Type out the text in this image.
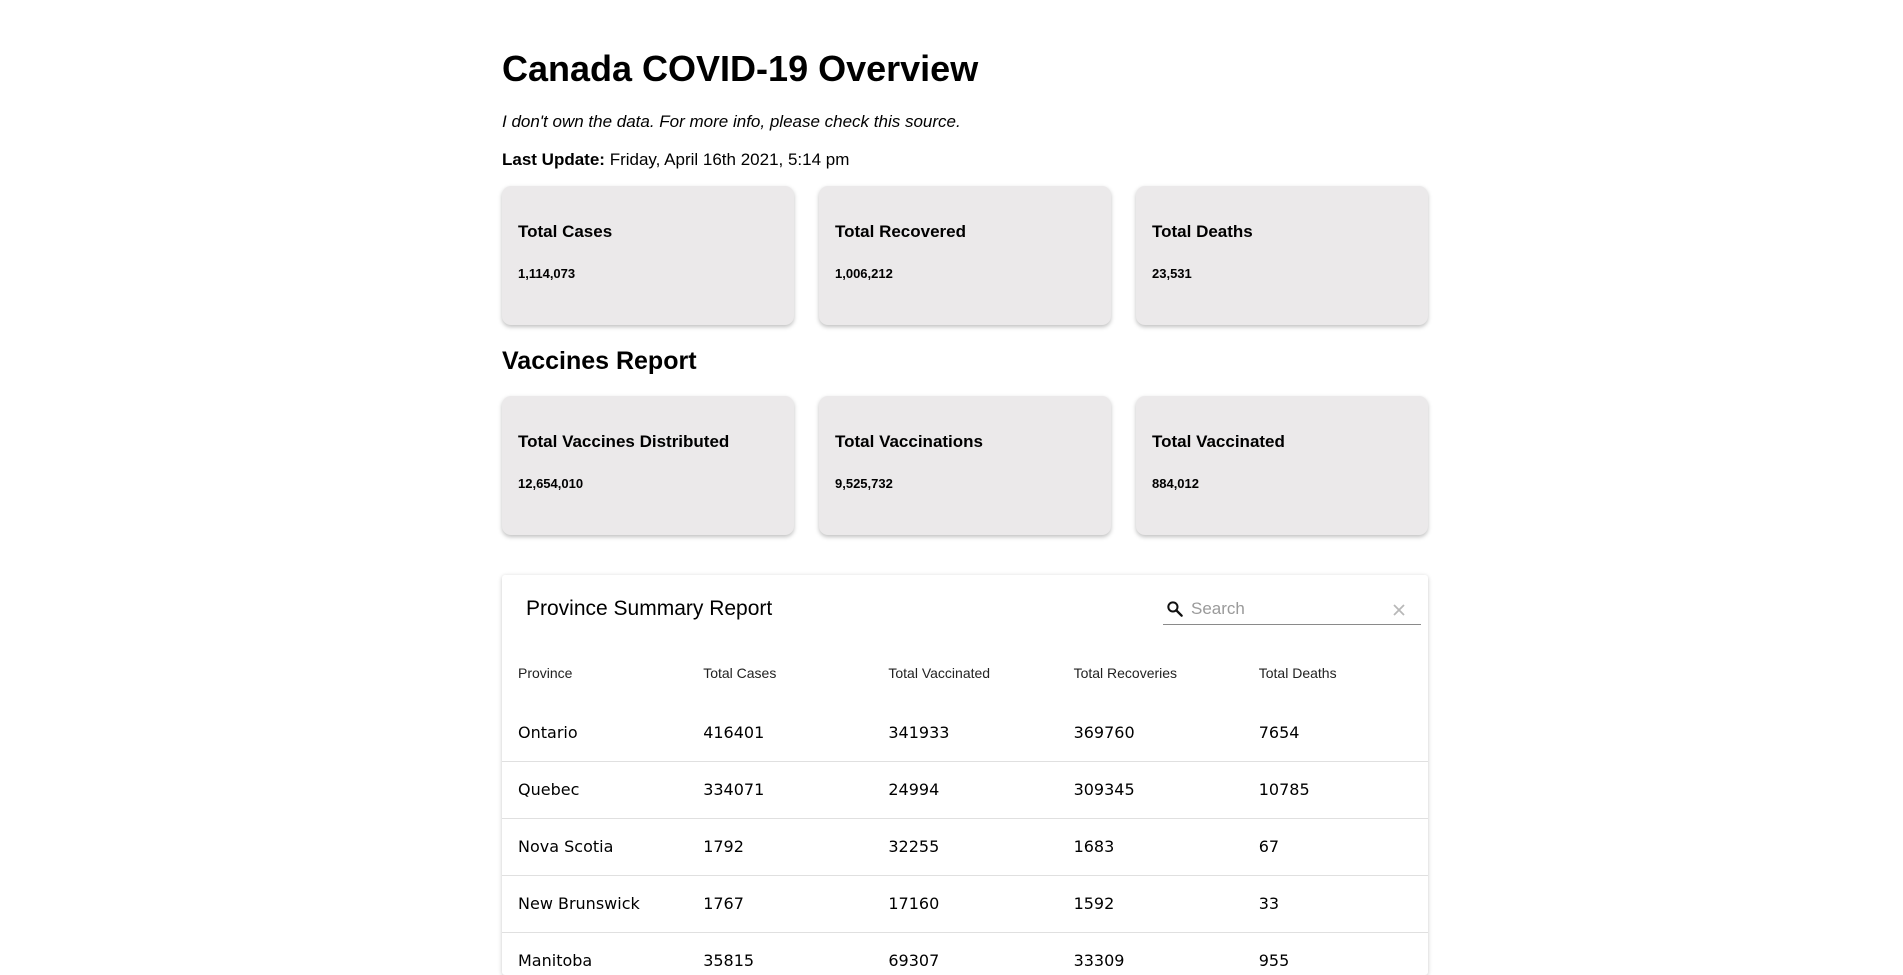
Canada COVID-19 Overview

I don't own the data. For more info, please check this source.

Last Update: Friday, April 16th 2021, 5:14 pm

Total Cases
1,114,073
Total Recovered
1,006,212
Total Deaths
23,531
Vaccines Report
Total Vaccines Distributed
12,654,010
Total Vaccinations
9,525,732
Total Vaccinated
884,012
Province Summary Report
Search
Province	Total Cases	Total Vaccinated	Total Recoveries	Total Deaths
Ontario	416401	341933	369760	7654
Quebec	334071	24994	309345	10785
Nova Scotia	1792	32255	1683	67
New Brunswick	1767	17160	1592	33
Manitoba	35815	69307	33309	955
